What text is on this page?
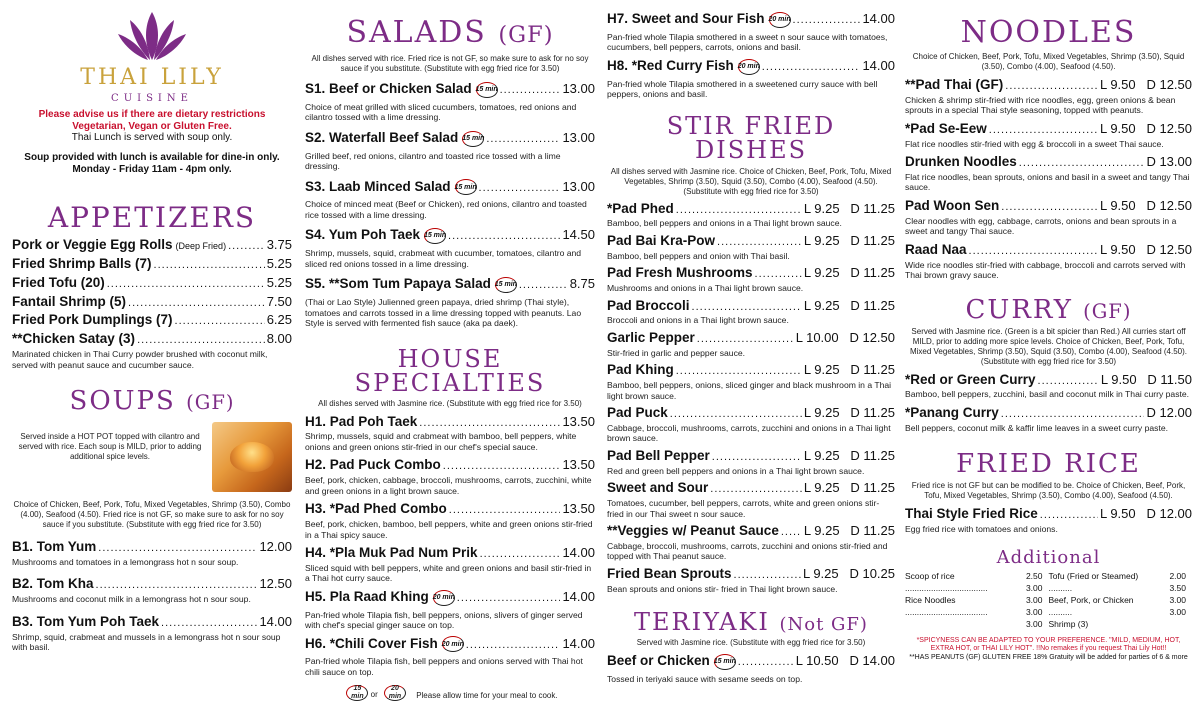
THAI LILY
CUISINE
Please advise us if there are dietary restrictions Vegetarian, Vegan or Gluten Free.
Thai Lunch is served with soup only.
Soup provided with lunch is available for dine-in only.
Monday - Friday 11am - 4pm only.
APPETIZERS
Pork or Veggie Egg Rolls (Deep Fried) .....	3.75
Fried Shrimp Balls (7) .....	5.25
Fried Tofu (20) .....	5.25
Fantail Shrimp (5) .....	7.50
Fried Pork Dumplings (7) .....	6.25
**Chicken Satay (3) .....	8.00
Marinated chicken in Thai Curry powder brushed with coconut milk, served with peanut sauce and cucumber sauce.
SOUPS (GF)
Served inside a HOT POT topped with cilantro and served with rice. Each soup is MILD, prior to adding additional spice levels.
Choice of Chicken, Beef, Pork, Tofu, Mixed Vegetables, Shrimp (3.50), Combo (4.00), Seafood (4.50). Fried rice is not GF, so make sure to ask for no soy sauce if you substitute. (Substitute with egg fried rice for 3.50)
B1. Tom Yum .....	12.00
Mushrooms and tomatoes in a lemongrass hot n sour soup.
B2. Tom Kha .....	12.50
Mushrooms and coconut milk in a lemongrass hot n sour soup.
B3. Tom Yum Poh Taek .....	14.00
Shrimp, squid, crabmeat and mussels in a lemongrass hot n sour soup with basil.
SALADS (GF)
All dishes served with rice. Fried rice is not GF, so make sure to ask for no soy sauce if you substitute. (Substitute with egg fried rice for 3.50)
S1. Beef or Chicken Salad 15 min .....	13.00
Choice of meat grilled with sliced cucumbers, tomatoes, red onions and cilantro tossed with a lime dressing.
S2. Waterfall Beef Salad 15 min .....	13.00
Grilled beef, red onions, cilantro and toasted rice tossed with a lime dressing.
S3. Laab Minced Salad 15 min .....	13.00
Choice of minced meat (Beef or Chicken), red onions, cilantro and toasted rice tossed with a lime dressing.
S4. Yum Poh Taek 15 min .....	14.50
Shrimp, mussels, squid, crabmeat with cucumber, tomatoes, cilantro and sliced red onions tossed in a lime dressing.
S5. **Som Tum Papaya Salad 15 min .....	8.75
(Thai or Lao Style) Julienned green papaya, dried shrimp (Thai style), tomatoes and carrots tossed in a lime dressing topped with peanuts. Lao Style is served with fermented fish sauce (aka pa daek).
HOUSE SPECIALTIES
All dishes served with Jasmine rice. (Substitute with egg fried rice for 3.50)
H1. Pad Poh Taek .....	13.50
Shrimp, mussels, squid and crabmeat with bamboo, bell peppers, white onions and green onions stir-fried in our chef's special sauce.
H2. Pad Puck Combo .....	13.50
Beef, pork, chicken, cabbage, broccoli, mushrooms, carrots, zucchini, white and green onions in a light brown sauce.
H3. *Pad Phed Combo .....	13.50
Beef, pork, chicken, bamboo, bell peppers, white and green onions stir-fried in a Thai spicy sauce.
H4. *Pla Muk Pad Num Prik .....	14.00
Sliced squid with bell peppers, white and green onions and basil stir-fried in a Thai hot curry sauce.
H5. Pla Raad Khing 20 min .....	14.00
Pan-fried whole Tilapia fish, bell peppers, onions, slivers of ginger served with chef's special ginger sauce on top.
H6. *Chili Cover Fish 20 min .....	14.00
Pan-fried whole Tilapia fish, bell peppers and onions served with Thai hot chili sauce on top.
15 min or 20 min Please allow time for your meal to cook.
H7. Sweet and Sour Fish 20 min .....	14.00
Pan-fried whole Tilapia smothered in a sweet n sour sauce with tomatoes, cucumbers, bell peppers, carrots, onions and basil.
H8. *Red Curry Fish 20 min .....	14.00
Pan-fried whole Tilapia smothered in a sweetened curry sauce with bell peppers, onions and basil.
STIR FRIED DISHES
All dishes served with Jasmine rice. Choice of Chicken, Beef, Pork, Tofu, Mixed Vegetables, Shrimp (3.50), Squid (3.50), Combo (4.00), Seafood (4.50). (Substitute with egg fried rice for 3.50)
*Pad Phed .....	L 9.25   D 11.25
Bamboo, bell peppers and onions in a Thai light brown sauce.
Pad Bai Kra-Pow .....	L 9.25   D 11.25
Bamboo, bell peppers and onion with Thai basil.
Pad Fresh Mushrooms .....	L 9.25   D 11.25
Mushrooms and onions in a Thai light brown sauce.
Pad Broccoli .....	L 9.25   D 11.25
Broccoli and onions in a Thai light brown sauce.
Garlic Pepper .....	L 10.00   D 12.50
Stir-fried in garlic and pepper sauce.
Pad Khing .....	L 9.25   D 11.25
Bamboo, bell peppers, onions, sliced ginger and black mushroom in a Thai light brown sauce.
Pad Puck .....	L 9.25   D 11.25
Cabbage, broccoli, mushrooms, carrots, zucchini and onions in a Thai light brown sauce.
Pad Bell Pepper .....	L 9.25   D 11.25
Red and green bell peppers and onions in a Thai light brown sauce.
Sweet and Sour .....	L 9.25   D 11.25
Tomatoes, cucumber, bell peppers, carrots, white and green onions stir-fried in our Thai sweet n sour sauce.
**Veggies w/ Peanut Sauce ..... L 9.25   D 11.25
Cabbage, broccoli, mushrooms, carrots, zucchini and onions stir-fried and topped with Thai peanut sauce.
Fried Bean Sprouts .....	L 9.25   D 10.25
Bean sprouts and onions stir- fried in Thai light brown sauce.
TERIYAKI (Not GF)
Served with Jasmine rice. (Substitute with egg fried rice for 3.50)
Beef or Chicken 15 min .....	L 10.50   D 14.00
Tossed in teriyaki sauce with sesame seeds on top.
NOODLES
Choice of Chicken, Beef, Pork, Tofu, Mixed Vegetables, Shrimp (3.50), Squid (3.50), Combo (4.00), Seafood (4.50).
**Pad Thai (GF) .....	L 9.50   D 12.50
Chicken & shrimp stir-fried with rice noodles, egg, green onions & bean sprouts in a special Thai style seasoning, topped with peanuts.
*Pad Se-Eew .....	L 9.50   D 12.50
Flat rice noodles stir-fried with egg & broccoli in a sweet Thai sauce.
Drunken Noodles .....	D 13.00
Flat rice noodles, bean sprouts, onions and basil in a sweet and tangy Thai sauce.
Pad Woon Sen .....	L 9.50   D 12.50
Clear noodles with egg, cabbage, carrots, onions and bean sprouts in a sweet and tangy Thai sauce.
Raad Naa .....	L 9.50   D 12.50
Wide rice noodles stir-fried with cabbage, broccoli and carrots served with Thai brown gravy sauce.
CURRY (GF)
Served with Jasmine rice. (Green is a bit spicier than Red.) All curries start off MILD, prior to adding more spice levels. Choice of Chicken, Beef, Pork, Tofu, Mixed Vegetables, Shrimp (3.50), Squid (3.50), Combo (4.00), Seafood (4.50). (Substitute with egg fried rice for 3.50)
*Red or Green Curry .....	L 9.50   D 11.50
Bamboo, bell peppers, zucchini, basil and coconut milk in Thai curry paste.
*Panang Curry .....	D 12.00
Bell peppers, coconut milk & kaffir lime leaves in a sweet curry paste.
FRIED RICE
Fried rice is not GF but can be modified to be. Choice of Chicken, Beef, Pork, Tofu, Mixed Vegetables, Shrimp (3.50), Combo (4.00), Seafood (4.50).
Thai Style Fried Rice .....	L 9.50   D 12.00
Egg fried rice with tomatoes and onions.
Additional
Scoop of rice	2.50 Tofu (Fried or Steamed)	2.00
...................................	3.00 ..........	3.50
Rice Noodles	3.00 Beef, Pork, or Chicken	3.00
...................................	3.00 ..........	3.00
3.00 Shrimp (3)
*SPICYNESS CAN BE ADAPTED TO YOUR PREFERENCE. "MILD, MEDIUM, HOT, EXTRA HOT, or THAI LILY HOT". !!No remakes if you request Thai Lily Hot!!
**HAS PEANUTS (GF) GLUTEN FREE 18% Gratuity will be added for parties of 6 & more
